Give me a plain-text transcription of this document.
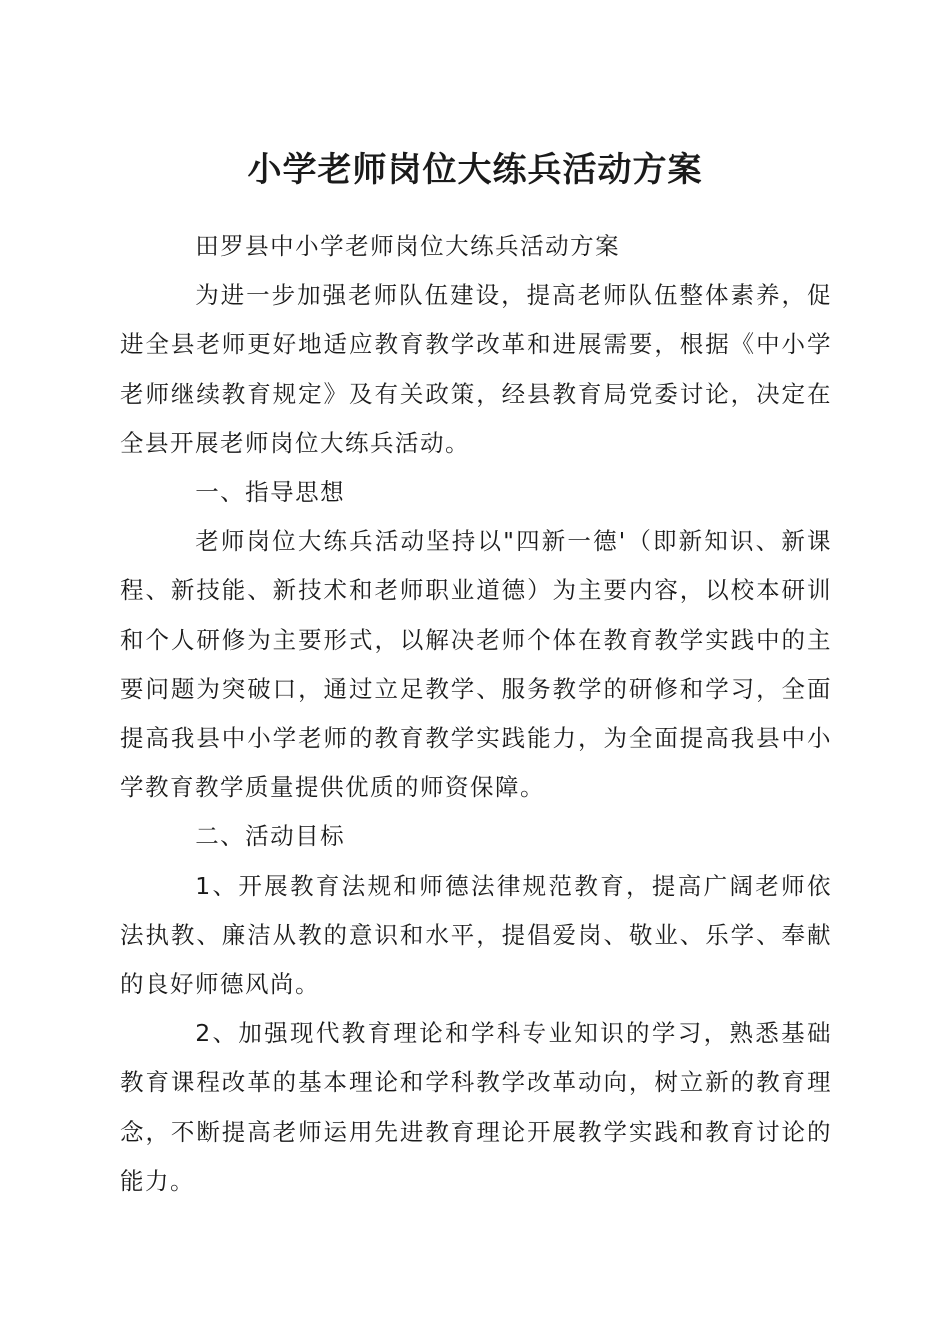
小学老师岗位大练兵活动方案

田罗县中小学老师岗位大练兵活动方案

为进一步加强老师队伍建设，提高老师队伍整体素养，促进全县老师更好地适应教育教学改革和进展需要，根据《中小学老师继续教育规定》及有关政策，经县教育局党委讨论，决定在全县开展老师岗位大练兵活动。

一、指导思想

老师岗位大练兵活动坚持以"四新一德'（即新知识、新课程、新技能、新技术和老师职业道德）为主要内容，以校本研训和个人研修为主要形式，以解决老师个体在教育教学实践中的主要问题为突破口，通过立足教学、服务教学的研修和学习，全面提高我县中小学老师的教育教学实践能力，为全面提高我县中小学教育教学质量提供优质的师资保障。

二、活动目标

1、开展教育法规和师德法律规范教育，提高广阔老师依法执教、廉洁从教的意识和水平，提倡爱岗、敬业、乐学、奉献的良好师德风尚。

2、加强现代教育理论和学科专业知识的学习，熟悉基础教育课程改革的基本理论和学科教学改革动向，树立新的教育理念，不断提高老师运用先进教育理论开展教学实践和教育讨论的能力。
